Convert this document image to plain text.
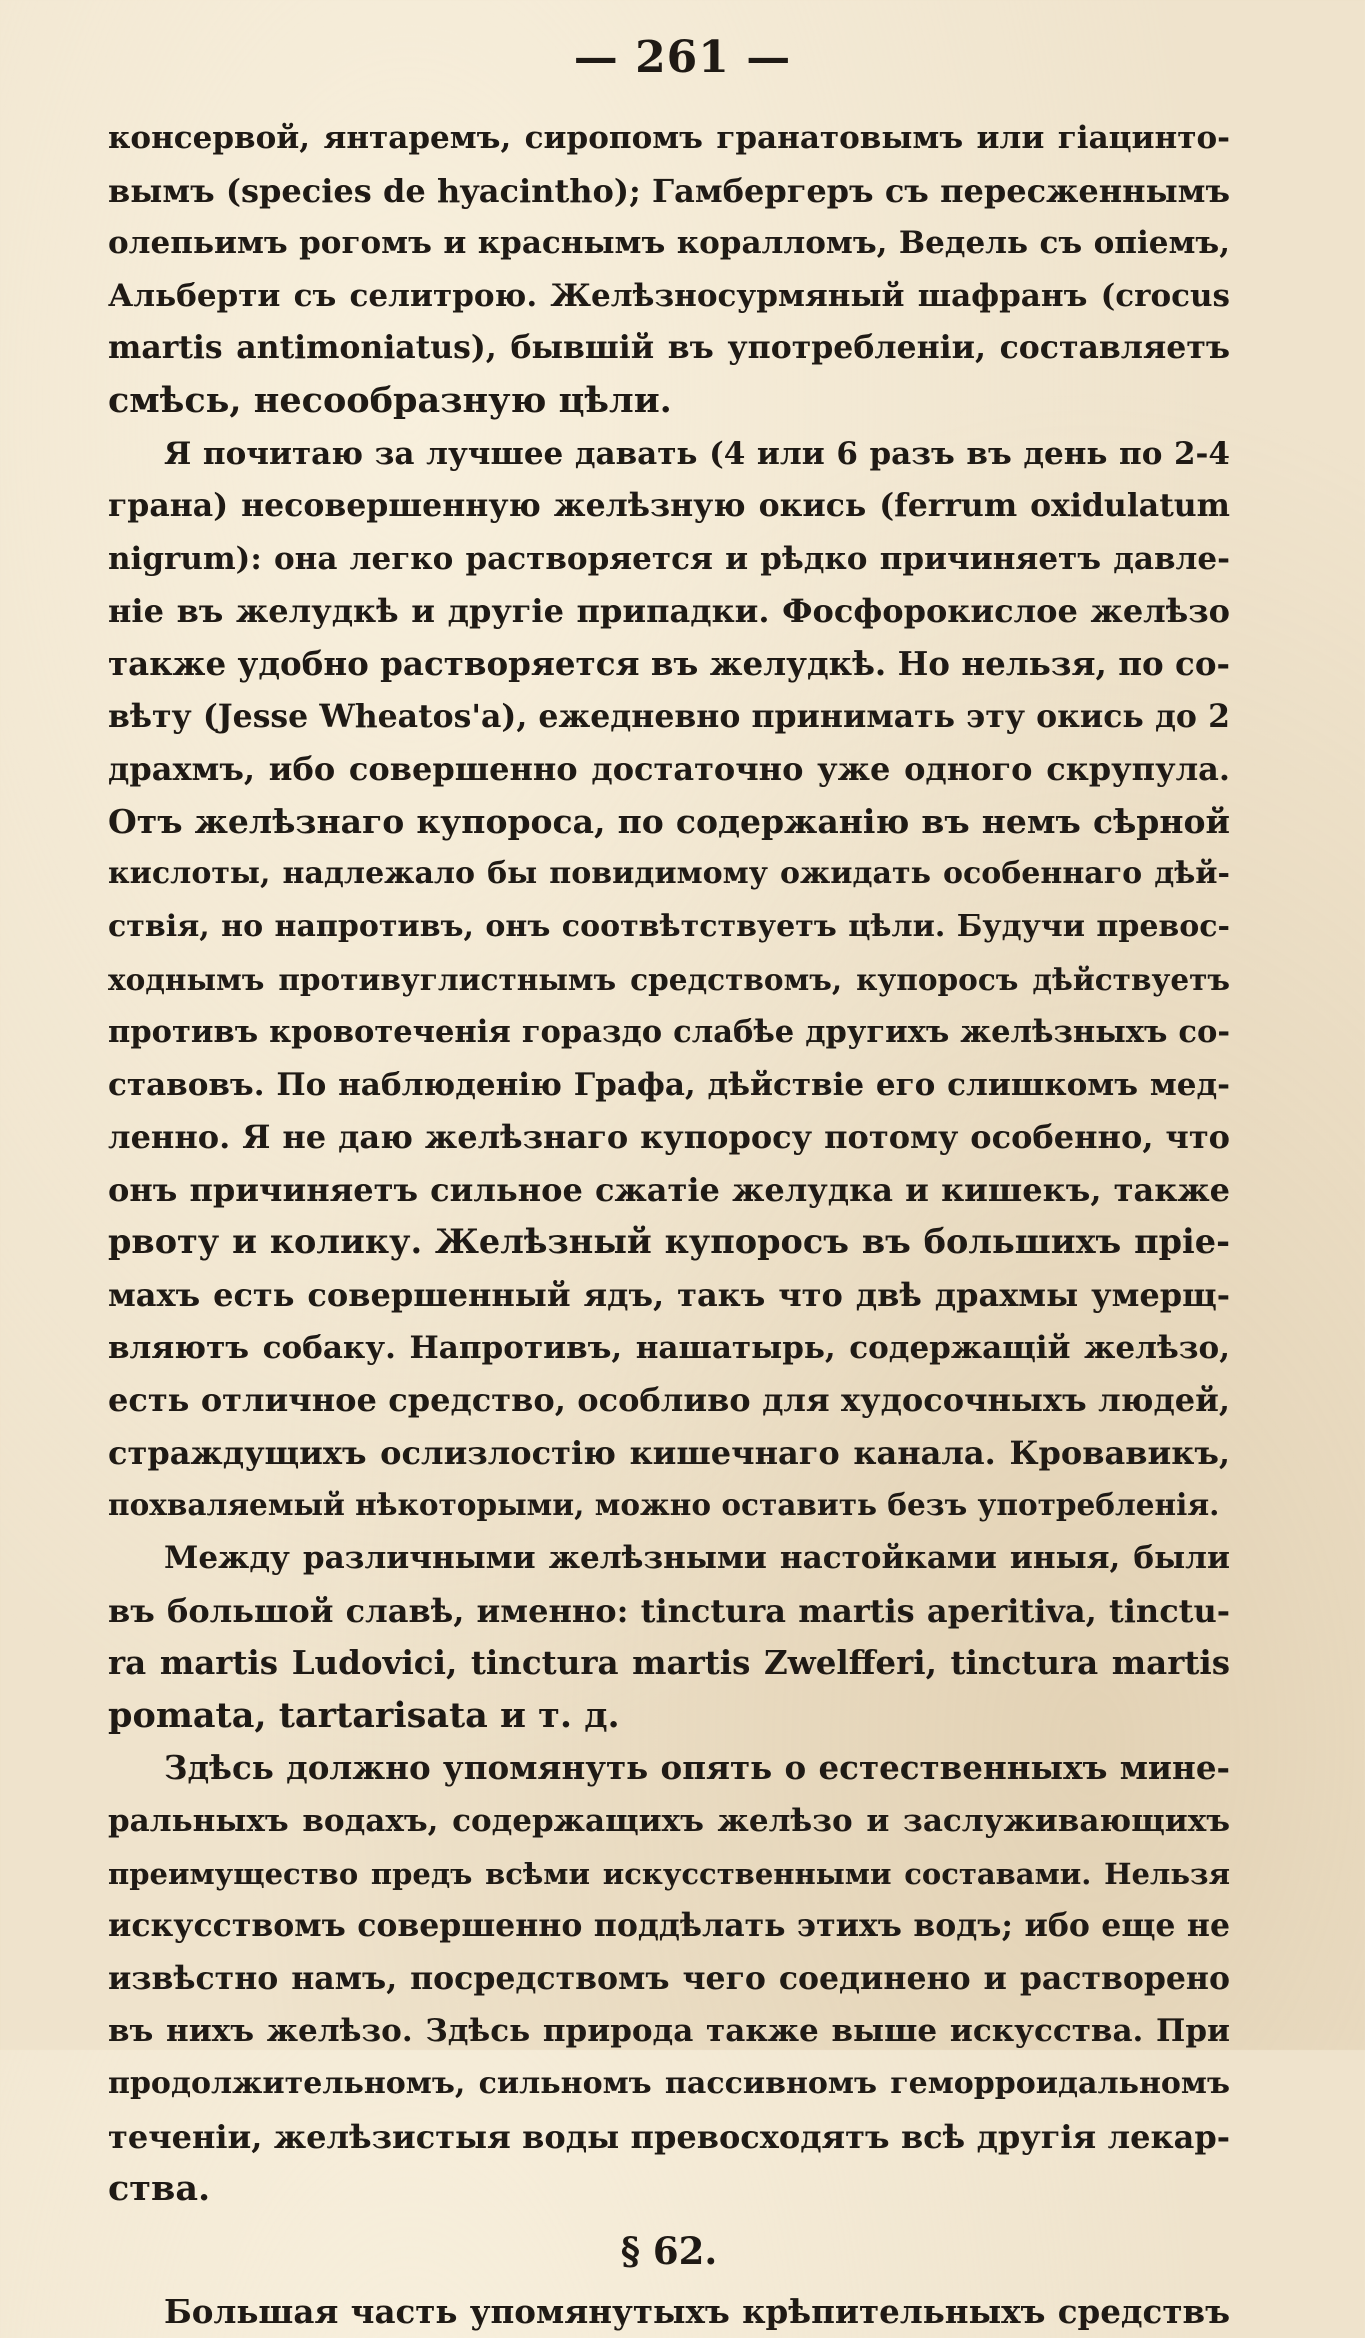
— 261 —
консервой, янтаремъ, сиропомъ гранатовымъ или гіацинто-
вымъ (species de hyacintho); Гамбергеръ съ пересженнымъ
олепьимъ рогомъ и краснымъ кораллoмъ, Ведель съ опіемъ,
Альберти съ селитрою. Желѣзносурмяный шафранъ (crocus
martis antimoniatus), бывшій въ употребленіи, составляетъ
смѣсь, несообразную цѣли.
Я почитаю за лучшее давать (4 или 6 разъ въ день по 2-4
грана) несовершенную желѣзную окись (ferrum oxidulatum
nigrum): она легко растворяется и рѣдко причиняетъ давле-
ніе въ желудкѣ и другіе припадки. Фосфорокислое желѣзо
также удобно растворяется въ желудкѣ. Но нельзя, по со-
вѣту (Jesse Wheatos'а), ежедневно принимать эту окись до 2
драхмъ, ибо совершенно достаточно уже одного скрупула.
Отъ желѣзнаго купороса, по содержанію въ немъ сѣрной
кислоты, надлежало бы повидимому ожидать особеннаго дѣй-
ствія, но напротивъ, онъ соотвѣтствуетъ цѣли. Будучи превос-
ходнымъ противуглистнымъ средствомъ, купоросъ дѣйствуетъ
противъ кровотеченія гораздо слабѣе другихъ желѣзныхъ со-
ставовъ. По наблюденію Графа, дѣйствіе его слишкомъ мед-
ленно. Я не даю желѣзнаго купоросу потому особенно, что
онъ причиняетъ сильное сжатіе желудка и кишекъ, также
рвоту и колику. Желѣзный купоросъ въ большихъ пріе-
махъ есть совершенный ядъ, такъ что двѣ драхмы умерщ-
вляютъ собаку. Напротивъ, нашатырь, содержащій желѣзо,
есть отличное средство, особливо для худосочныхъ людей,
страждущихъ ослизлостію кишечнаго канала. Кровавикъ,
похваляемый нѣкоторыми, можно оставить безъ употребленія.
Между различными желѣзными настойками иныя, были
въ большой славѣ, именно: tinctura martis aperitiva, tinctu-
ra martis Ludovici, tinctura martis Zwelfferi, tinctura martis
pomata, tartarisata и т. д.
Здѣсь должно упомянуть опять о естественныхъ мине-
ральныхъ водахъ, содержащихъ желѣзо и заслуживающихъ
преимущество предъ всѣми искусственными составами. Нельзя
искусствомъ совершенно поддѣлать этихъ водъ; ибо еще не
извѣстно намъ, посредствомъ чего соединено и растворено
въ нихъ желѣзо. Здѣсь природа также выше искусства. При
продолжительномъ, сильномъ пассивномъ геморроидальномъ
теченіи, желѣзистыя воды превосходятъ всѣ другія лекар-
ства.
§ 62.
Большая часть упомянутыхъ крѣпительныхъ средствъ
